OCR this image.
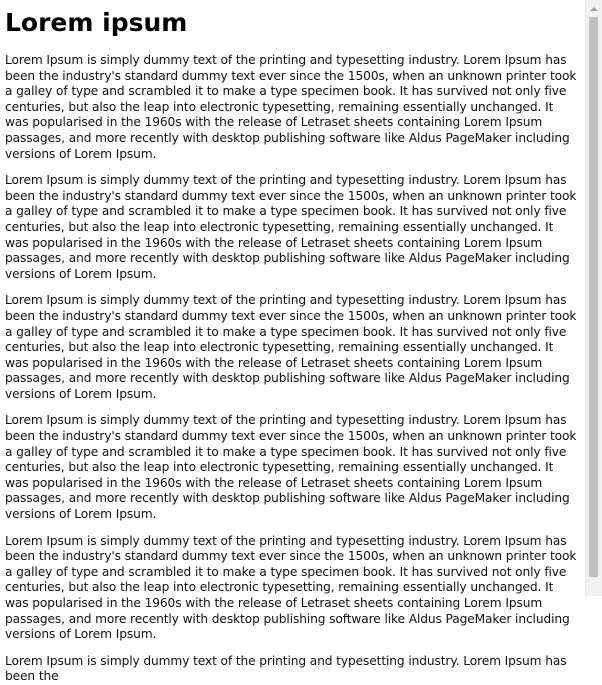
Lorem ipsum

Lorem Ipsum is simply dummy text of the printing and typesetting industry. Lorem Ipsum has been the industry's standard dummy text ever since the 1500s, when an unknown printer took a galley of type and scrambled it to make a type specimen book. It has survived not only five centuries, but also the leap into electronic typesetting, remaining essentially unchanged. It was popularised in the 1960s with the release of Letraset sheets containing Lorem Ipsum passages, and more recently with desktop publishing software like Aldus PageMaker including versions of Lorem Ipsum.

Lorem Ipsum is simply dummy text of the printing and typesetting industry. Lorem Ipsum has been the industry's standard dummy text ever since the 1500s, when an unknown printer took a galley of type and scrambled it to make a type specimen book. It has survived not only five centuries, but also the leap into electronic typesetting, remaining essentially unchanged. It was popularised in the 1960s with the release of Letraset sheets containing Lorem Ipsum passages, and more recently with desktop publishing software like Aldus PageMaker including versions of Lorem Ipsum.

Lorem Ipsum is simply dummy text of the printing and typesetting industry. Lorem Ipsum has been the industry's standard dummy text ever since the 1500s, when an unknown printer took a galley of type and scrambled it to make a type specimen book. It has survived not only five centuries, but also the leap into electronic typesetting, remaining essentially unchanged. It was popularised in the 1960s with the release of Letraset sheets containing Lorem Ipsum passages, and more recently with desktop publishing software like Aldus PageMaker including versions of Lorem Ipsum.

Lorem Ipsum is simply dummy text of the printing and typesetting industry. Lorem Ipsum has been the industry's standard dummy text ever since the 1500s, when an unknown printer took a galley of type and scrambled it to make a type specimen book. It has survived not only five centuries, but also the leap into electronic typesetting, remaining essentially unchanged. It was popularised in the 1960s with the release of Letraset sheets containing Lorem Ipsum passages, and more recently with desktop publishing software like Aldus PageMaker including versions of Lorem Ipsum.

Lorem Ipsum is simply dummy text of the printing and typesetting industry. Lorem Ipsum has been the industry's standard dummy text ever since the 1500s, when an unknown printer took a galley of type and scrambled it to make a type specimen book. It has survived not only five centuries, but also the leap into electronic typesetting, remaining essentially unchanged. It was popularised in the 1960s with the release of Letraset sheets containing Lorem Ipsum passages, and more recently with desktop publishing software like Aldus PageMaker including versions of Lorem Ipsum.

Lorem Ipsum is simply dummy text of the printing and typesetting industry. Lorem Ipsum has been the
